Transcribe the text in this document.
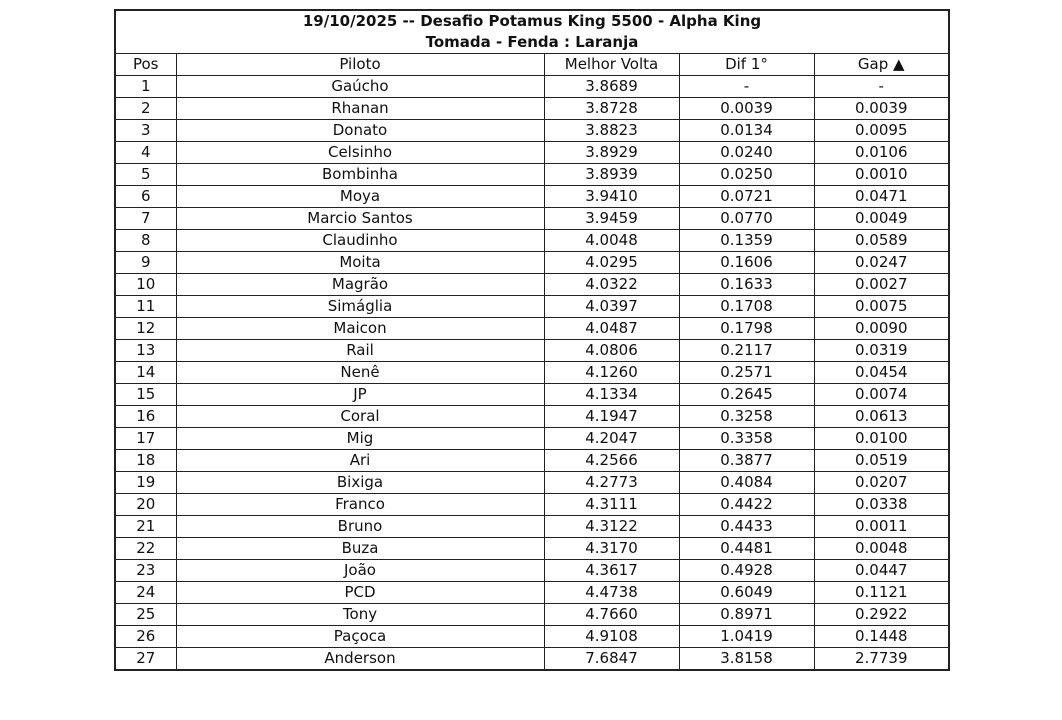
19/10/2025 -- Desafio Potamus King 5500 - Alpha King
Tomada - Fenda : Laranja				

Pos	Piloto	Melhor Volta	Dif 1°	Gap ▲
1	Gaúcho	3.8689	-	-
2	Rhanan	3.8728	0.0039	0.0039
3	Donato	3.8823	0.0134	0.0095
4	Celsinho	3.8929	0.0240	0.0106
5	Bombinha	3.8939	0.0250	0.0010
6	Moya	3.9410	0.0721	0.0471
7	Marcio Santos	3.9459	0.0770	0.0049
8	Claudinho	4.0048	0.1359	0.0589
9	Moita	4.0295	0.1606	0.0247
10	Magrão	4.0322	0.1633	0.0027
11	Simáglia	4.0397	0.1708	0.0075
12	Maicon	4.0487	0.1798	0.0090
13	Rail	4.0806	0.2117	0.0319
14	Nenê	4.1260	0.2571	0.0454
15	JP	4.1334	0.2645	0.0074
16	Coral	4.1947	0.3258	0.0613
17	Mig	4.2047	0.3358	0.0100
18	Ari	4.2566	0.3877	0.0519
19	Bixiga	4.2773	0.4084	0.0207
20	Franco	4.3111	0.4422	0.0338
21	Bruno	4.3122	0.4433	0.0011
22	Buza	4.3170	0.4481	0.0048
23	João	4.3617	0.4928	0.0447
24	PCD	4.4738	0.6049	0.1121
25	Tony	4.7660	0.8971	0.2922
26	Paçoca	4.9108	1.0419	0.1448
27	Anderson	7.6847	3.8158	2.7739
